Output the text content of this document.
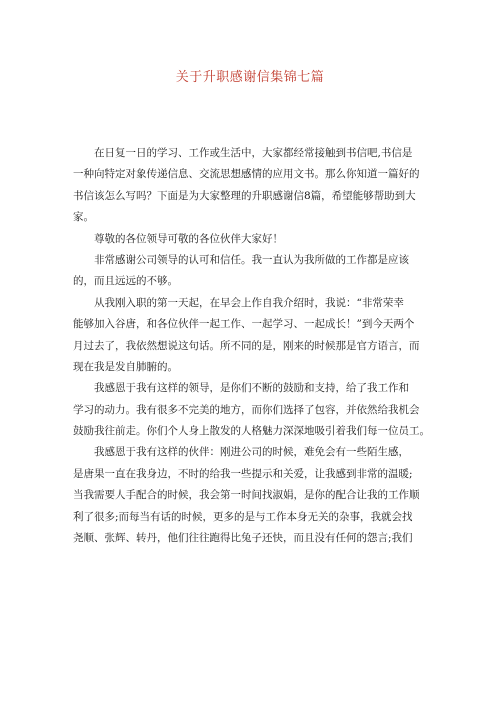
关于升职感谢信集锦七篇
在日复一日的学习、工作或生活中，大家都经常接触到书信吧,书信是
一种向特定对象传递信息、交流思想感情的应用文书。那么你知道一篇好的
书信该怎么写吗？下面是为大家整理的升职感谢信8篇，希望能够帮助到大
家。
尊敬的各位领导可敬的各位伙伴大家好！
非常感谢公司领导的认可和信任。我一直认为我所做的工作都是应该
的，而且远远的不够。
从我刚入职的第一天起，在早会上作自我介绍时，我说：“非常荣幸
能够加入谷唐，和各位伙伴一起工作、一起学习、一起成长！”到今天两个
月过去了，我依然想说这句话。所不同的是，刚来的时候那是官方语言，而
现在我是发自肺腑的。
我感恩于我有这样的领导，是你们不断的鼓励和支持，给了我工作和
学习的动力。我有很多不完美的地方，而你们选择了包容，并依然给我机会
鼓励我往前走。你们个人身上散发的人格魅力深深地吸引着我们每一位员工。
我感恩于我有这样的伙伴：刚进公司的时候，难免会有一些陌生感，
是唐果一直在我身边，不时的给我一些提示和关爱，让我感到非常的温暖;
当我需要人手配合的时候，我会第一时间找淑娟，是你的配合让我的工作顺
利了很多;而每当有话的时候，更多的是与工作本身无关的杂事，我就会找
尧顺、张辉、转丹，他们往往跑得比兔子还快，而且没有任何的怨言;我们
